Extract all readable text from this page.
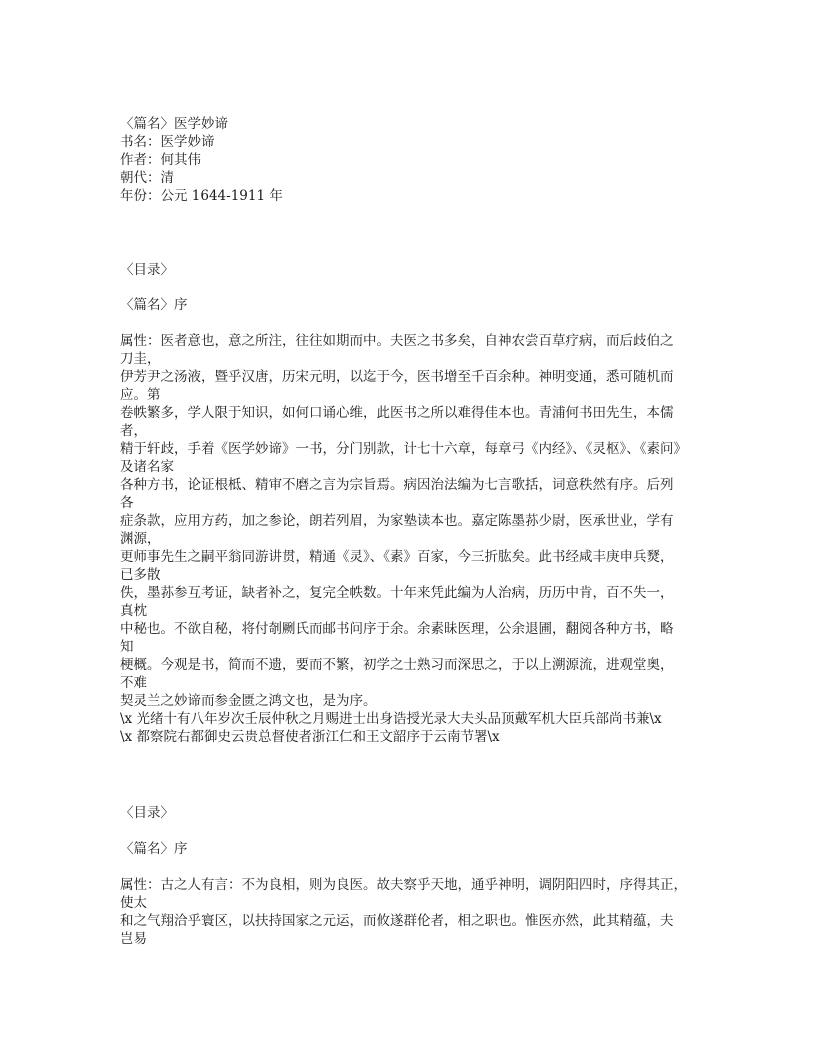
〈篇名〉医学妙谛
书名：医学妙谛
作者：何其伟
朝代：清
年份：公元 1644-1911 年
〈目录〉
〈篇名〉序
属性：医者意也，意之所注，往往如期而中。夫医之书多矣，自神农尝百草疗病，而后歧伯之
刀圭，
伊芳尹之汤液，暨乎汉唐，历宋元明，以迄于今，医书增至千百余种。神明变通，悉可随机而
应。第
卷帙繁多，学人限于知识，如何口诵心维，此医书之所以难得佳本也。青浦何书田先生，本儒
者，
精于轩歧，手着《医学妙谛》一书，分门别款，计七十六章，每章弓《内经》、《灵枢》、《素问》
及诸名家
各种方书，论证根柢、精审不磨之言为宗旨焉。病因治法编为七言歌括，词意秩然有序。后列
各
症条款，应用方药，加之参论，朗若列眉，为家塾读本也。嘉定陈墨荪少尉，医承世业，学有
渊源，
更师事先生之嗣平翁同游讲贯，精通《灵》、《素》百家，今三折肱矣。此书经咸丰庚申兵燹，
已多散
佚，墨荪参互考证，缺者补之，复完全帙数。十年来凭此编为人治病，历历中肯，百不失一，
真枕
中秘也。不欲自秘，将付剞劂氏而邮书问序于余。余素昧医理，公余退圃，翻阅各种方书，略
知
梗概。今观是书，简而不遗，要而不繁，初学之士熟习而深思之，于以上溯源流，进观堂奥，
不难
契灵兰之妙谛而参金匮之鸿文也，是为序。
\x 光绪十有八年岁次壬辰仲秋之月赐进士出身诰授光录大夫头品顶戴军机大臣兵部尚书兼\x
\x 都察院右都御史云贵总督使者浙江仁和王文韶序于云南节署\x
〈目录〉
〈篇名〉序
属性：古之人有言：不为良相，则为良医。故夫察乎天地，通乎神明，调阴阳四时，序得其正，
使太
和之气翔洽乎寰区，以扶持国家之元运，而攸遂群伦者，相之职也。惟医亦然，此其精蕴，夫
岂易
